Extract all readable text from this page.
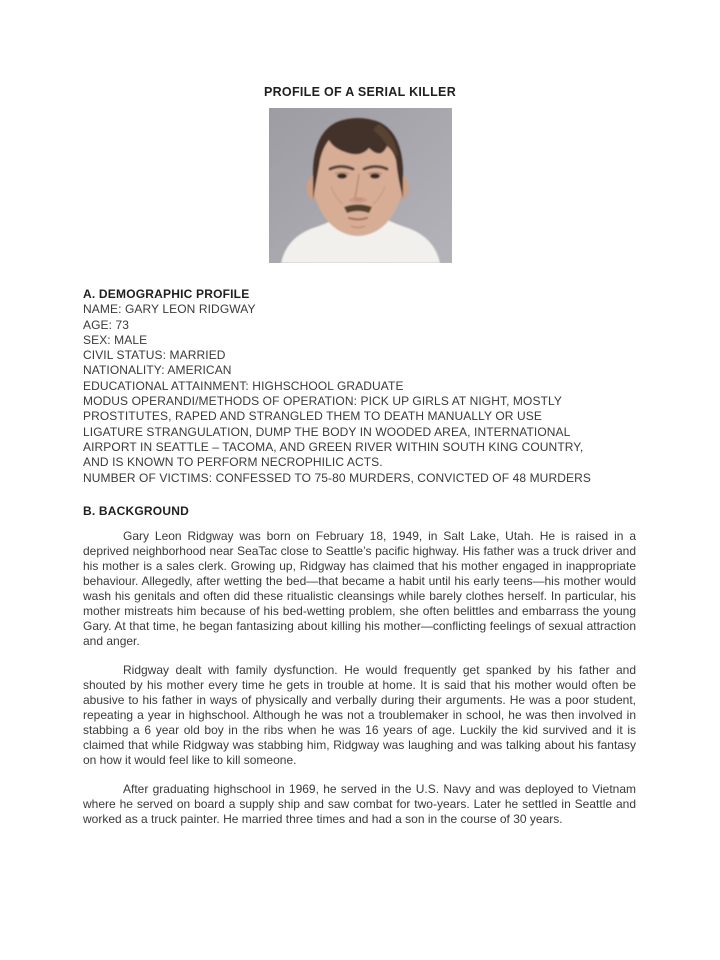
PROFILE OF A SERIAL KILLER
A. DEMOGRAPHIC PROFILE
NAME: GARY LEON RIDGWAY
AGE: 73
SEX: MALE
CIVIL STATUS: MARRIED
NATIONALITY: AMERICAN
EDUCATIONAL ATTAINMENT: HIGHSCHOOL GRADUATE
MODUS OPERANDI/METHODS OF OPERATION: PICK UP GIRLS AT NIGHT, MOSTLY
PROSTITUTES, RAPED AND STRANGLED THEM TO DEATH MANUALLY OR USE
LIGATURE STRANGULATION, DUMP THE BODY IN WOODED AREA, INTERNATIONAL
AIRPORT IN SEATTLE – TACOMA, AND GREEN RIVER WITHIN SOUTH KING COUNTRY,
AND IS KNOWN TO PERFORM NECROPHILIC ACTS.
NUMBER OF VICTIMS: CONFESSED TO 75-80 MURDERS, CONVICTED OF 48 MURDERS
B. BACKGROUND

Gary Leon Ridgway was born on February 18, 1949, in Salt Lake, Utah. He is raised in a deprived neighborhood near SeaTac close to Seattle’s pacific highway. His father was a truck driver and his mother is a sales clerk. Growing up, Ridgway has claimed that his mother engaged in inappropriate behaviour. Allegedly, after wetting the bed—that became a habit until his early teens—his mother would wash his genitals and often did these ritualistic cleansings while barely clothes herself. In particular, his mother mistreats him because of his bed-wetting problem, she often belittles and embarrass the young Gary. At that time, he began fantasizing about killing his mother—conflicting feelings of sexual attraction and anger.

Ridgway dealt with family dysfunction. He would frequently get spanked by his father and shouted by his mother every time he gets in trouble at home. It is said that his mother would often be abusive to his father in ways of physically and verbally during their arguments. He was a poor student, repeating a year in highschool. Although he was not a troublemaker in school, he was then involved in stabbing a 6 year old boy in the ribs when he was 16 years of age. Luckily the kid survived and it is claimed that while Ridgway was stabbing him, Ridgway was laughing and was talking about his fantasy on how it would feel like to kill someone.

After graduating highschool in 1969, he served in the U.S. Navy and was deployed to Vietnam where he served on board a supply ship and saw combat for two-years. Later he settled in Seattle and worked as a truck painter. He married three times and had a son in the course of 30 years.
